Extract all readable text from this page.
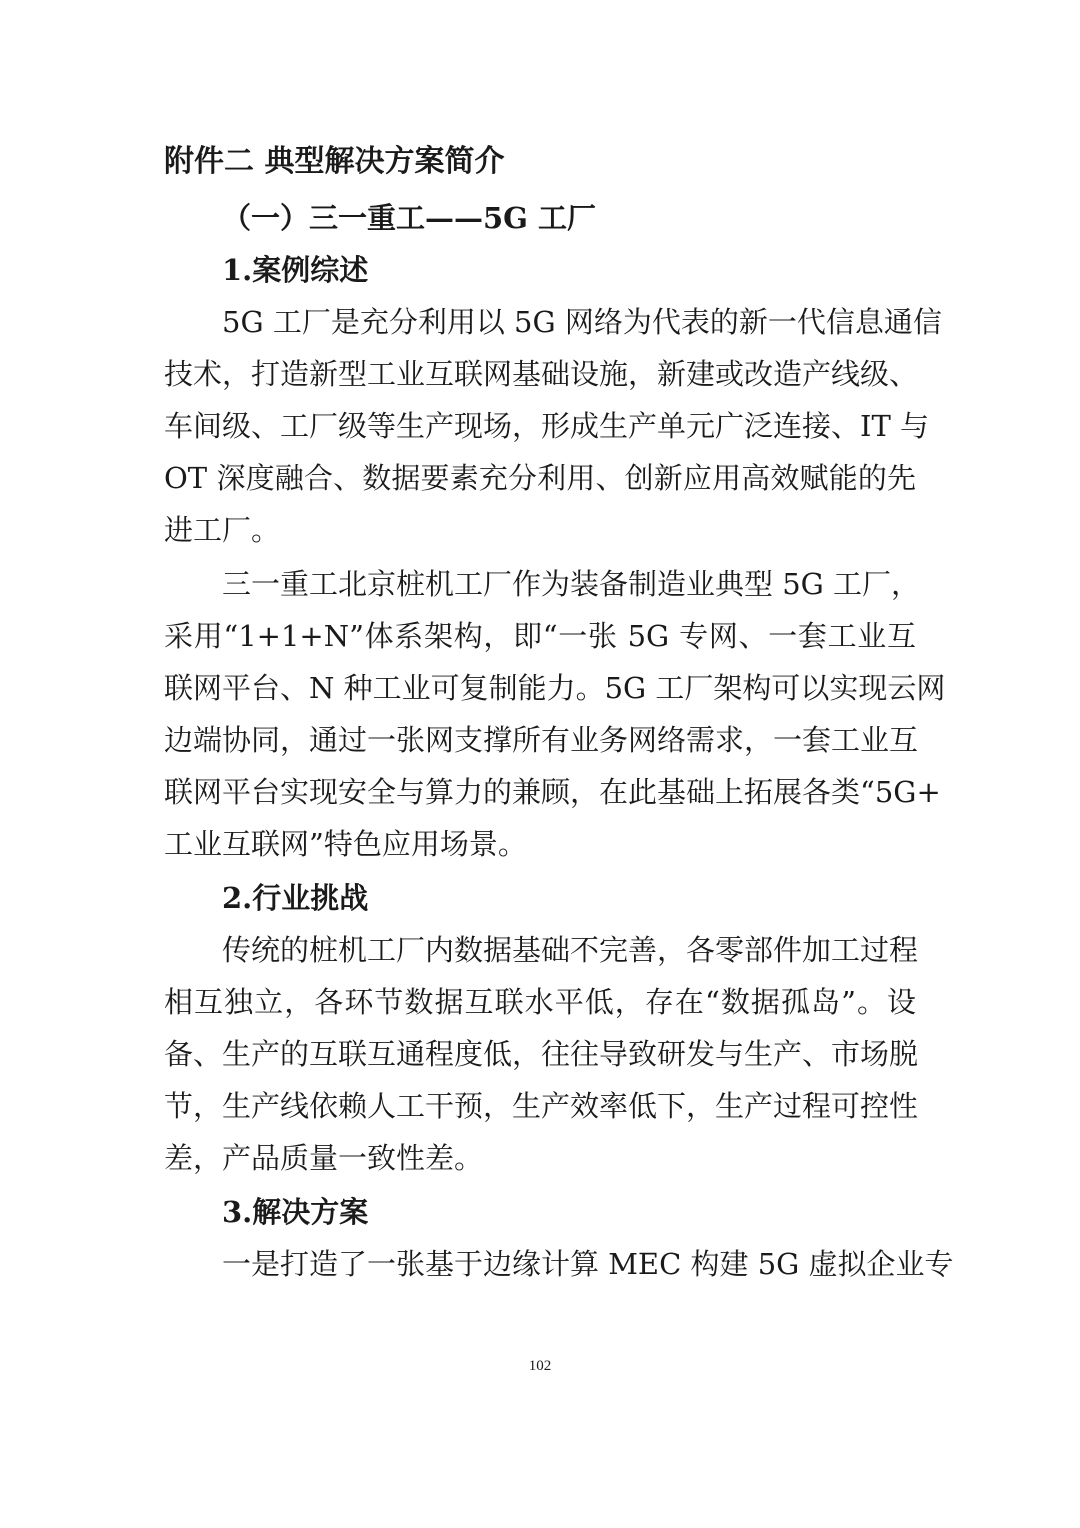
附件二 典型解决方案简介
（一）三一重工——5G 工厂
1.案例综述
5G 工厂是充分利用以 5G 网络为代表的新一代信息通信
技术，打造新型工业互联网基础设施，新建或改造产线级、
车间级、工厂级等生产现场，形成生产单元广泛连接、IT 与
OT 深度融合、数据要素充分利用、创新应用高效赋能的先
进工厂。
三一重工北京桩机工厂作为装备制造业典型 5G 工厂，
采用“1+1+N”体系架构，即“一张 5G 专网、一套工业互
联网平台、N 种工业可复制能力。5G 工厂架构可以实现云网
边端协同，通过一张网支撑所有业务网络需求，一套工业互
联网平台实现安全与算力的兼顾，在此基础上拓展各类“5G+
工业互联网”特色应用场景。
2.行业挑战
传统的桩机工厂内数据基础不完善，各零部件加工过程
相互独立，各环节数据互联水平低，存在“数据孤岛”。设
备、生产的互联互通程度低，往往导致研发与生产、市场脱
节，生产线依赖人工干预，生产效率低下，生产过程可控性
差，产品质量一致性差。
3.解决方案
一是打造了一张基于边缘计算 MEC 构建 5G 虚拟企业专
102
